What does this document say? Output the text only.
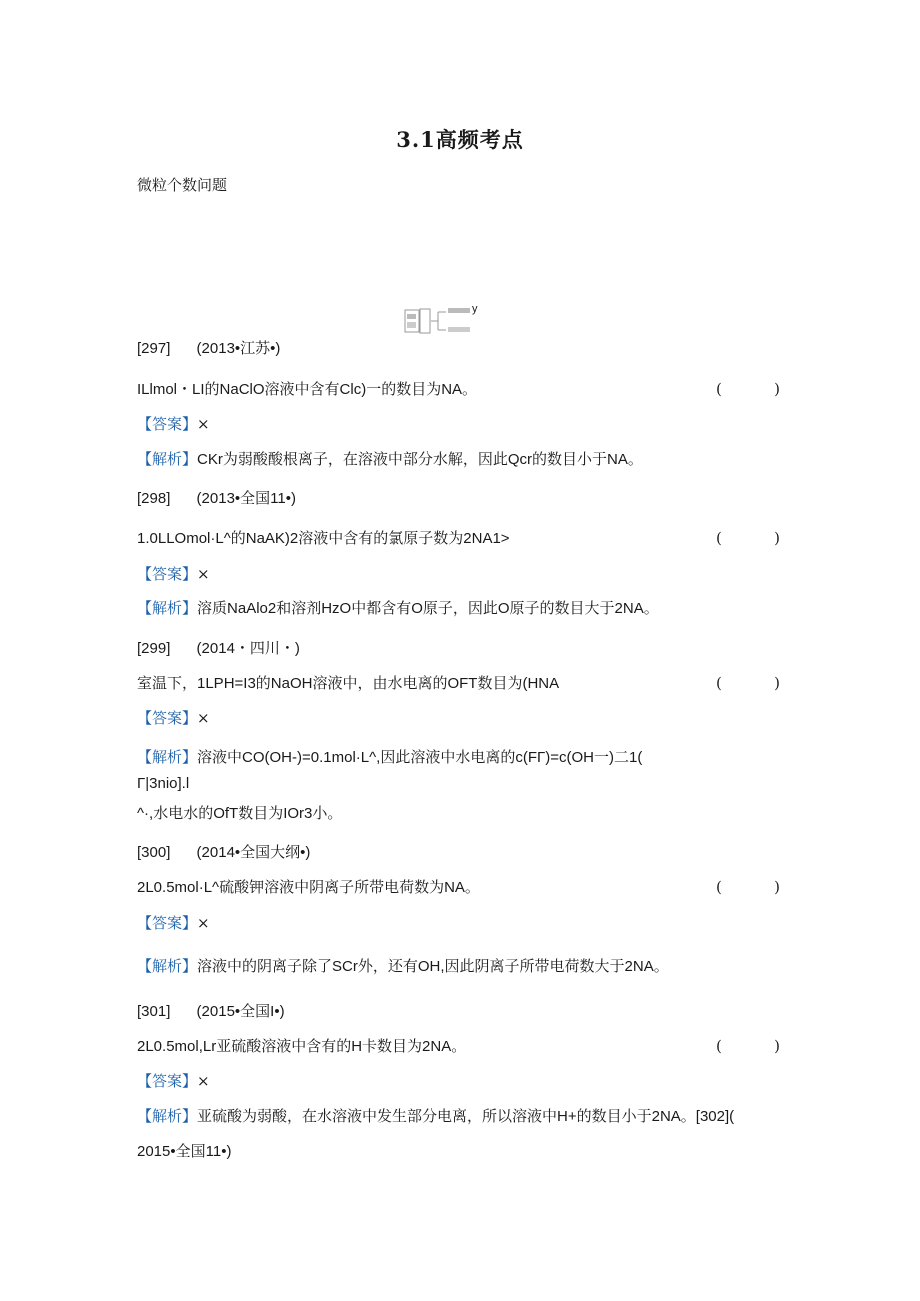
3.1高频考点
微粒个数问题
y
[297] (2013•江苏•)
ILlmol・LI的NaClO溶液中含有Clc)一的数目为NA。	(	)
【答案】×
【解析】CKr为弱酸酸根离子，在溶液中部分水解，因此Qcr的数目小于NA。
[298] (2013•全国11•)
1.0LLOmol·L^的NaAK)2溶液中含有的氯原子数为2NA1>	(	)
【答案】×
【解析】溶质NaAlo2和溶剂HzO中都含有O原子，因此O原子的数目大于2NA。
[299] (2014・四川・)
室温下，1LPH=I3的NaOH溶液中，由水电离的OFT数目为(HNA	(	)
【答案】×
【解析】溶液中CO(OH-)=0.1mol·L^,因此溶液中水电离的c(FΓ)=c(OH一)二1(
Γ|3nio].l
^·,水电水的OfT数目为IOr3小。
[300] (2014•全国大纲•)
2L0.5mol·L^硫酸钾溶液中阴离子所带电荷数为NA。	(	)
【答案】×
【解析】溶液中的阴离子除了SCr外，还有OH,因此阴离子所带电荷数大于2NA。
[301] (2015•全国I•)
2L0.5mol,Lr亚硫酸溶液中含有的H卡数目为2NA。	(	)
【答案】×
【解析】亚硫酸为弱酸，在水溶液中发生部分电离，所以溶液中H+的数目小于2NA。[302](
2015•全国11•)
